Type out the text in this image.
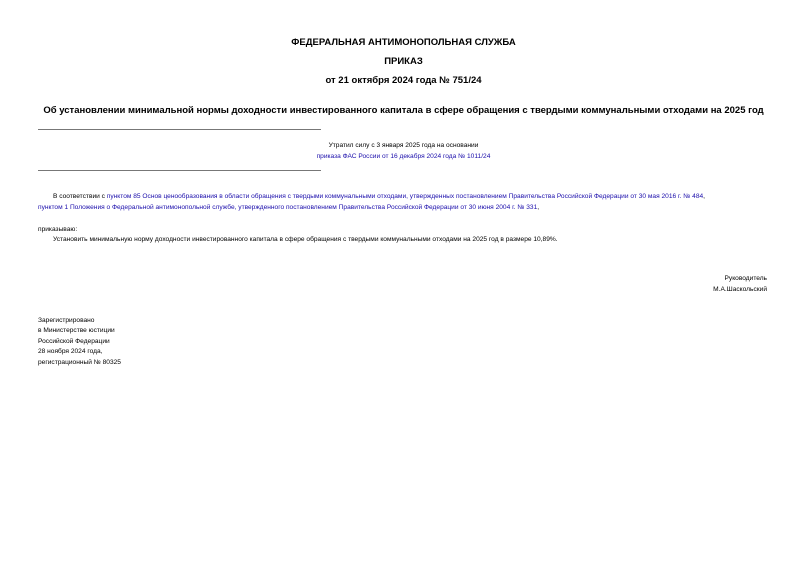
ФЕДЕРАЛЬНАЯ АНТИМОНОПОЛЬНАЯ СЛУЖБА
ПРИКАЗ
от 21 октября 2024 года № 751/24
Об установлении минимальной нормы доходности инвестированного капитала в сфере обращения с твердыми коммунальными отходами на 2025 год
Утратил силу с 3 января 2025 года на основании
приказа ФАС России от 16 декабря 2024 года № 1011/24
В соответствии с пунктом 85 Основ ценообразования в области обращения с твердыми коммунальными отходами, утвержденных постановлением Правительства Российской Федерации от 30 мая 2016 г. № 484,
пунктом 1 Положения о Федеральной антимонопольной службе, утвержденного постановлением Правительства Российской Федерации от 30 июня 2004 г. № 331,
приказываю:
Установить минимальную норму доходности инвестированного капитала в сфере обращения с твердыми коммунальными отходами на 2025 год в размере 10,89%.
Руководитель
М.А.Шаскольский
Зарегистрировано
в Министерстве юстиции
Российской Федерации
28 ноября 2024 года,
регистрационный № 80325
